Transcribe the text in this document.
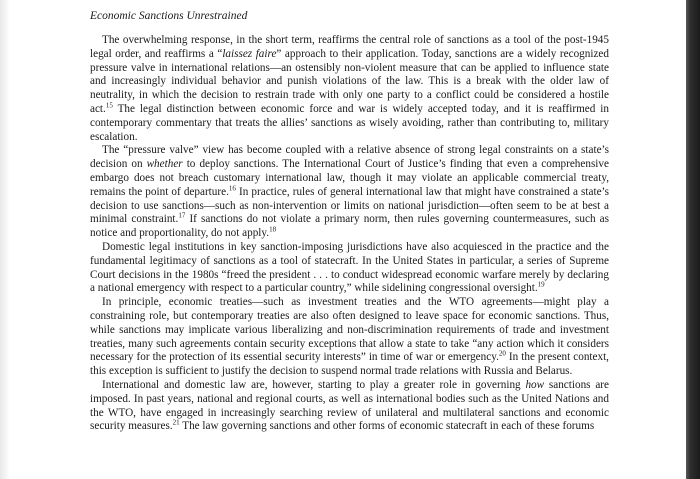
Economic Sanctions Unrestrained

The overwhelming response, in the short term, reaffirms the central role of sanctions as a tool of the post-1945 legal order, and reaffirms a “laissez faire” approach to their application. Today, sanctions are a widely recognized pressure valve in international relations—an ostensibly non-violent measure that can be applied to influence state and increasingly individual behavior and punish violations of the law. This is a break with the older law of neutrality, in which the decision to restrain trade with only one party to a conflict could be considered a hostile act.$^{15}$ The legal distinction between economic force and war is widely accepted today, and it is reaffirmed in contemporary commentary that treats the allies’ sanctions as wisely avoiding, rather than contributing to, military escalation.

The “pressure valve” view has become coupled with a relative absence of strong legal constraints on a state’s decision on whether to deploy sanctions. The International Court of Justice’s finding that even a comprehensive embargo does not breach customary international law, though it may violate an applicable commercial treaty, remains the point of departure.$^{16}$ In practice, rules of general international law that might have constrained a state’s decision to use sanctions—such as non-intervention or limits on national jurisdiction—often seem to be at best a minimal constraint.$^{17}$ If sanctions do not violate a primary norm, then rules governing countermeasures, such as notice and proportionality, do not apply.$^{18}$

Domestic legal institutions in key sanction-imposing jurisdictions have also acquiesced in the practice and the fundamental legitimacy of sanctions as a tool of statecraft. In the United States in particular, a series of Supreme Court decisions in the 1980s “freed the president . . . to conduct widespread economic warfare merely by declaring a national emergency with respect to a particular country,” while sidelining congressional oversight.$^{19}$

In principle, economic treaties—such as investment treaties and the WTO agreements—might play a constraining role, but contemporary treaties are also often designed to leave space for economic sanctions. Thus, while sanctions may implicate various liberalizing and non-discrimination requirements of trade and investment treaties, many such agreements contain security exceptions that allow a state to take “any action which it considers necessary for the protection of its essential security interests” in time of war or emergency.$^{20}$ In the present context, this exception is sufficient to justify the decision to suspend normal trade relations with Russia and Belarus.

International and domestic law are, however, starting to play a greater role in governing how sanctions are imposed. In past years, national and regional courts, as well as international bodies such as the United Nations and the WTO, have engaged in increasingly searching review of unilateral and multilateral sanctions and economic security measures.$^{21}$ The law governing sanctions and other forms of economic statecraft in each of these forums
